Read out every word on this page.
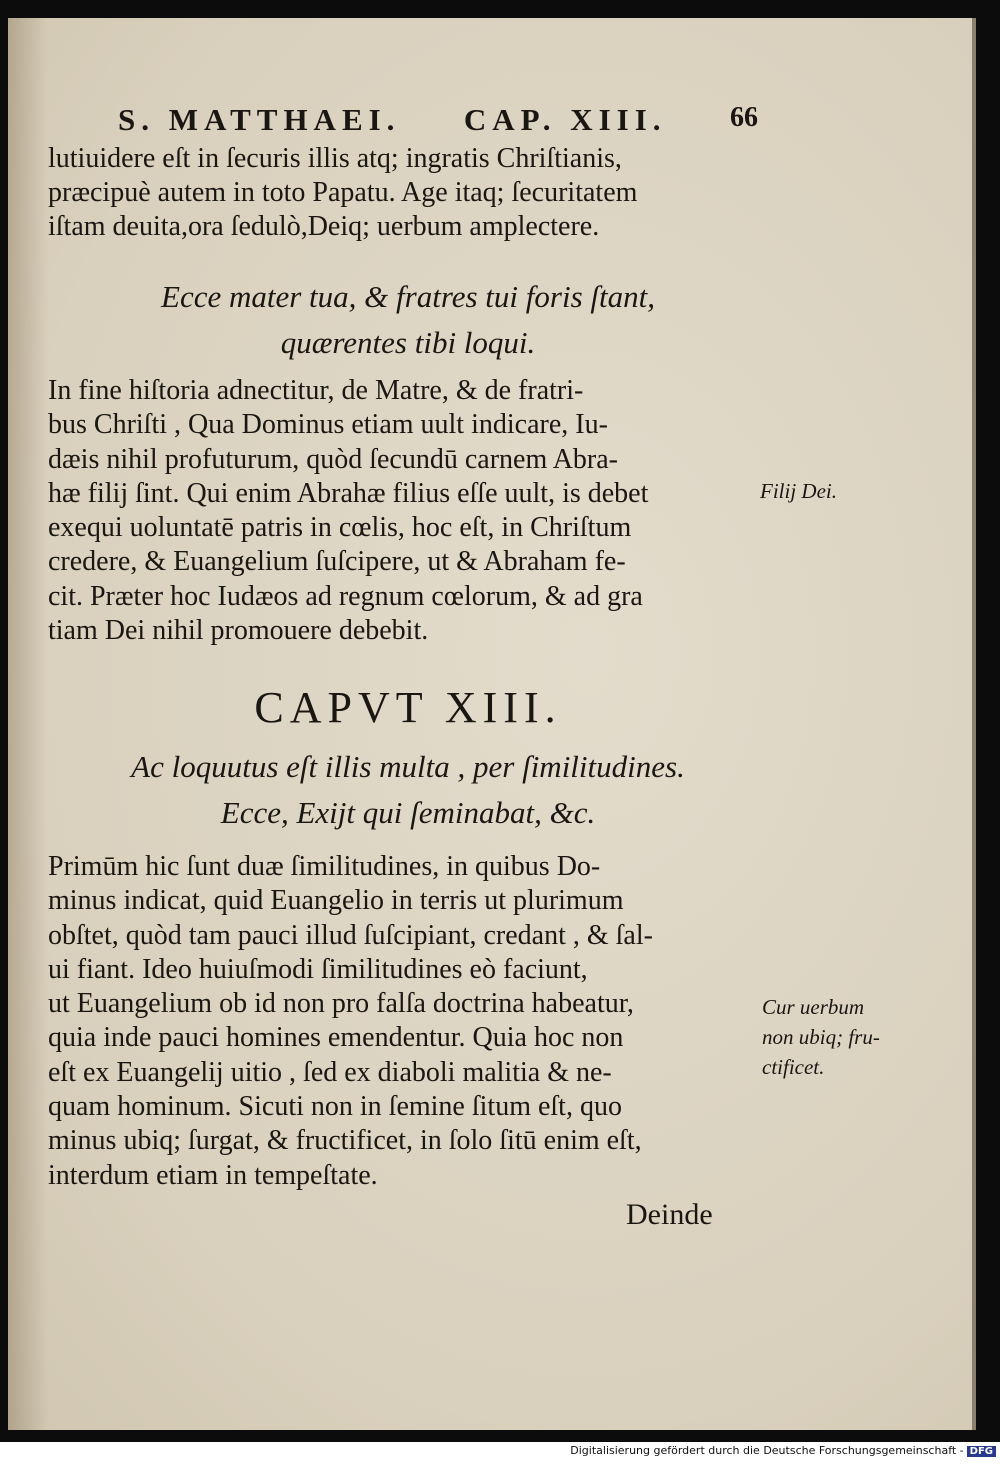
S. MATTHAEI. CAP. XIII. 66
lutiuidere eſt in ſecuris illis atq; ingratis Chriſtianis,
præcipuè autem in toto Papatu. Age itaq; ſecuritatem
iſtam deuita,ora ſedulò,Deiq; uerbum amplectere.
Ecce mater tua, & fratres tui foris ſtant,
quærentes tibi loqui.
In fine hiſtoria adnectitur, de Matre, & de fratri-
bus Chriſti , Qua Dominus etiam uult indicare, Iu-
dæis nihil profuturum, quòd ſecundū carnem Abra-
hæ filij ſint. Qui enim Abrahæ filius eſſe uult, is debet
exequi uoluntatē patris in cœlis, hoc eſt, in Chriſtum
credere, & Euangelium ſuſcipere, ut & Abraham fe-
cit. Præter hoc Iudæos ad regnum cœlorum, & ad gra
tiam Dei nihil promouere debebit.
CAPVT XIII.
Ac loquutus eſt illis multa , per ſimilitudines.
Ecce, Exijt qui ſeminabat, &c.
Primūm hic ſunt duæ ſimilitudines, in quibus Do-
minus indicat, quid Euangelio in terris ut plurimum
obſtet, quòd tam pauci illud ſuſcipiant, credant , & ſal-
ui fiant. Ideo huiuſmodi ſimilitudines eò faciunt,
ut Euangelium ob id non pro falſa doctrina habeatur,
quia inde pauci homines emendentur. Quia hoc non
eſt ex Euangelij uitio , ſed ex diaboli malitia & ne-
quam hominum. Sicuti non in ſemine ſitum eſt, quo
minus ubiq; ſurgat, & fructificet, in ſolo ſitū enim eſt,
interdum etiam in tempeſtate.
Deinde
Filij Dei.
Cur uerbum
non ubiq; fru-
ctificet.
Digitalisierung gefördert durch die Deutsche Forschungsgemeinschaft - DFG
